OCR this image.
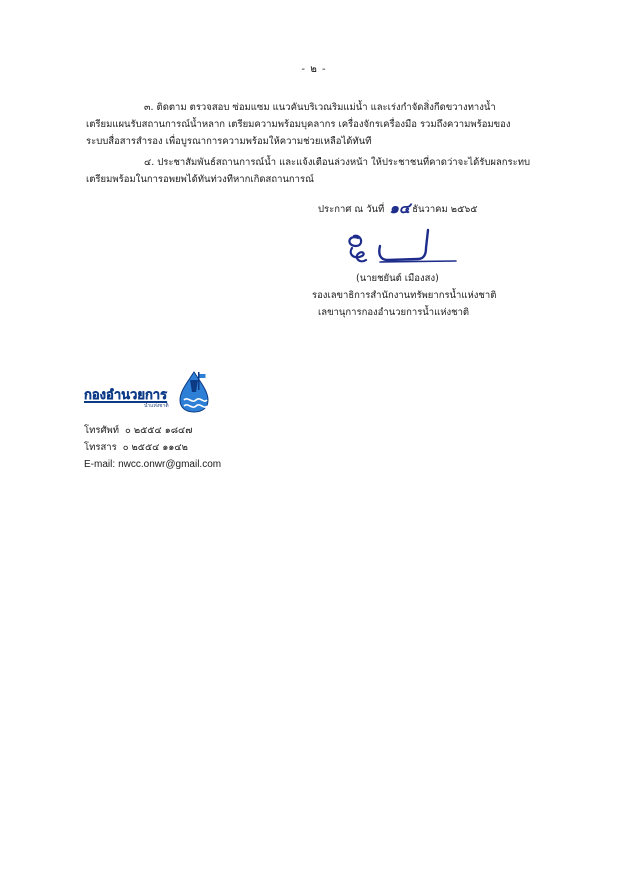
- ๒ -
๓. ติดตาม ตรวจสอบ ซ่อมแซม แนวคันบริเวณริมแม่น้ำ และเร่งกำจัดสิ่งกีดขวางทางน้ำ
เตรียมแผนรับสถานการณ์น้ำหลาก เตรียมความพร้อมบุคลากร เครื่องจักรเครื่องมือ รวมถึงความพร้อมของ
ระบบสื่อสารสำรอง เพื่อบูรณาการความพร้อมให้ความช่วยเหลือได้ทันที
๔. ประชาสัมพันธ์สถานการณ์น้ำ และแจ้งเตือนล่วงหน้า ให้ประชาชนที่คาดว่าจะได้รับผลกระทบ
เตรียมพร้อมในการอพยพได้ทันท่วงทีหากเกิดสถานการณ์
ประกาศ ณ วันที่ ๑๔ ธันวาคม ๒๕๖๕
(นายชยันต์ เมืองสง)
รองเลขาธิการสำนักงานทรัพยากรน้ำแห่งชาติ
เลขานุการกองอำนวยการน้ำแห่งชาติ
กองอำนวยการ
น้ำแห่งชาติ
โทรศัพท์ ๐ ๒๕๕๔ ๑๘๔๗
โทรสาร ๐ ๒๕๕๔ ๑๑๔๒
E-mail: nwcc.onwr@gmail.com
